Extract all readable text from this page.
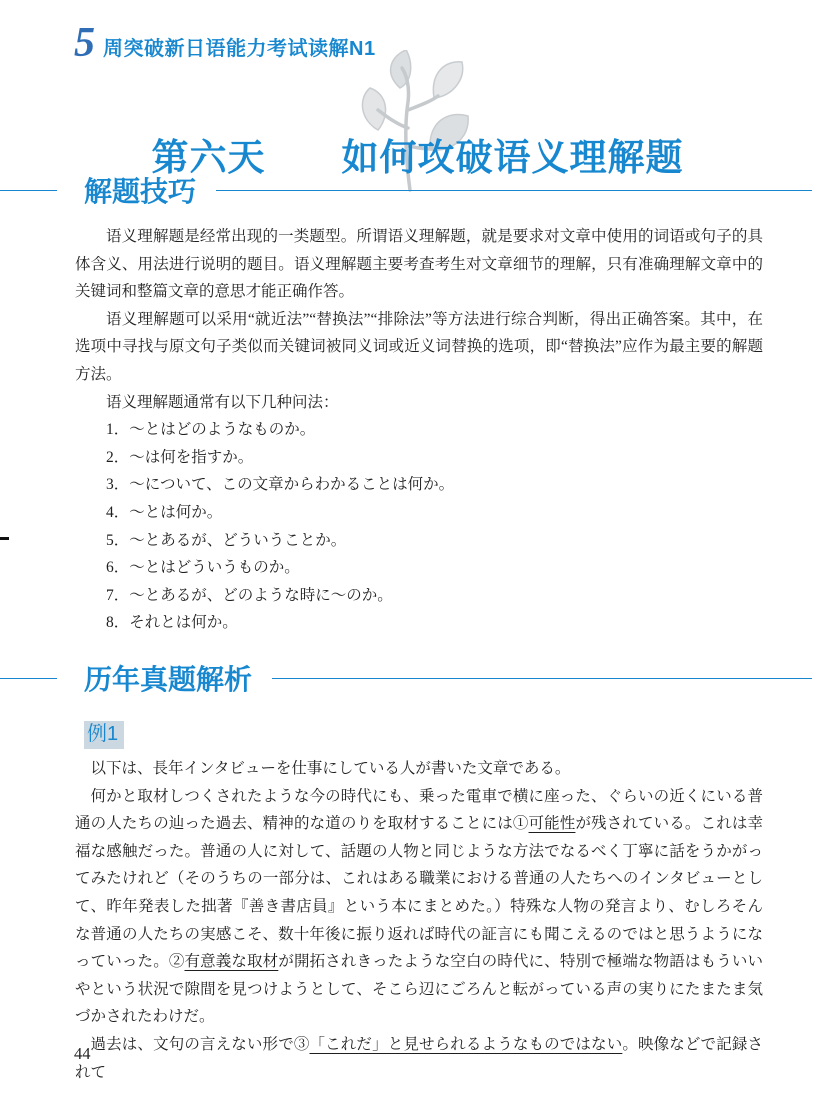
5 周突破新日语能力考试读解N1
第六天　　如何攻破语义理解题
解题技巧

语义理解题是经常出现的一类题型。所谓语义理解题，就是要求对文章中使用的词语或句子的具体含义、用法进行说明的题目。语义理解题主要考查考生对文章细节的理解，只有准确理解文章中的关键词和整篇文章的意思才能正确作答。

语义理解题可以采用“就近法”“替换法”“排除法”等方法进行综合判断，得出正确答案。其中，在选项中寻找与原文句子类似而关键词被同义词或近义词替换的选项，即“替换法”应作为最主要的解题方法。

语义理解题通常有以下几种问法：

1．～とはどのようなものか。
2．～は何を指すか。
3．～について、この文章からわかることは何か。
4．～とは何か。
5．～とあるが、どういうことか。
6．～とはどういうものか。
7．～とあるが、どのような時に～のか。
8．それとは何か。
历年真题解析
例1

以下は、長年インタビューを仕事にしている人が書いた文章である。

何かと取材しつくされたような今の時代にも、乗った電車で横に座った、ぐらいの近くにいる普通の人たちの辿った過去、精神的な道のりを取材することには①可能性が残されている。これは幸福な感触だった。普通の人に対して、話題の人物と同じような方法でなるべく丁寧に話をうかがってみたけれど（そのうちの一部分は、これはある職業における普通の人たちへのインタビューとして、昨年発表した拙著『善き書店員』という本にまとめた。）特殊な人物の発言より、むしろそんな普通の人たちの実感こそ、数十年後に振り返れば時代の証言にも聞こえるのではと思うようになっていった。②有意義な取材が開拓されきったような空白の時代に、特別で極端な物語はもういいやという状況で隙間を見つけようとして、そこら辺にごろんと転がっている声の実りにたまたま気づかされたわけだ。

過去は、文句の言えない形で③「これだ」と見せられるようなものではない。映像などで記録されて

44
